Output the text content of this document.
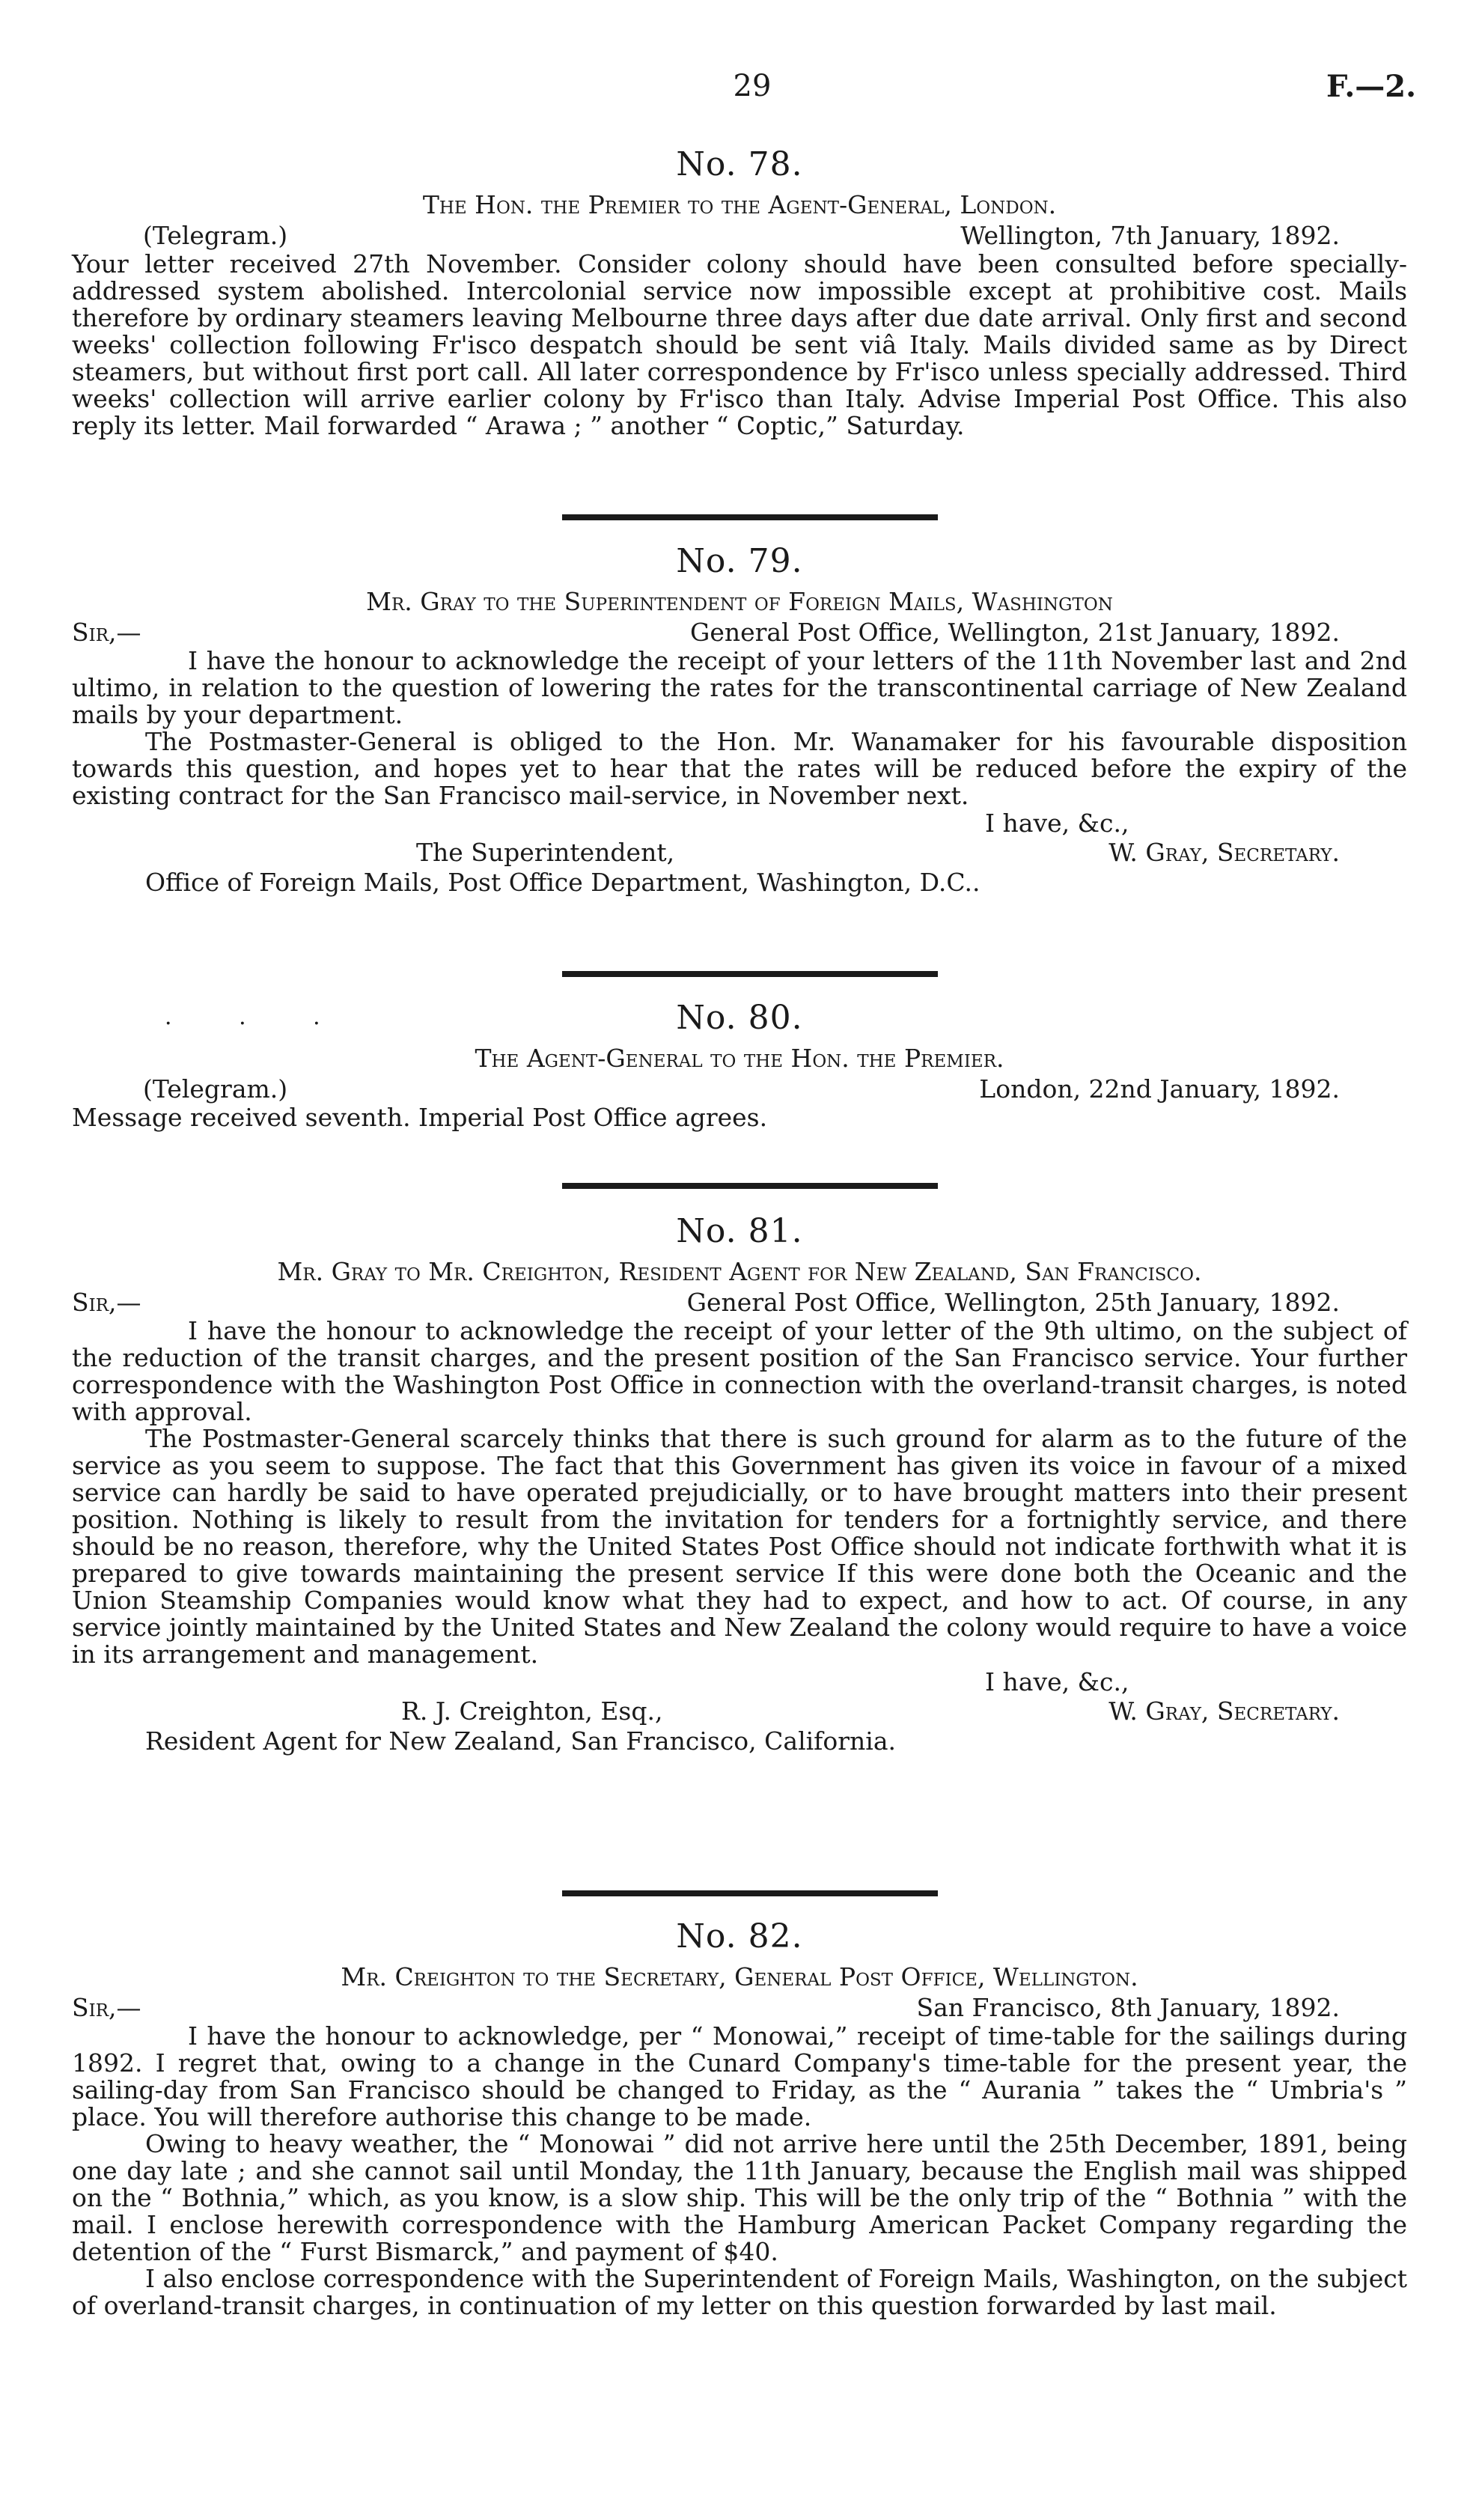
29	F.—2.
No. 78.
The Hon. the Premier to the Agent-General, London.
(Telegram.)	Wellington, 7th January, 1892.

Your letter received 27th November. Consider colony should have been consulted before specially-addressed system abolished. Intercolonial service now impossible except at prohibitive cost. Mails therefore by ordinary steamers leaving Melbourne three days after due date arrival. Only first and second weeks' collection following Fr'isco despatch should be sent viâ Italy. Mails divided same as by Direct steamers, but without first port call. All later correspondence by Fr'isco unless specially addressed. Third weeks' collection will arrive earlier colony by Fr'isco than Italy. Advise Imperial Post Office. This also reply its letter. Mail forwarded “ Arawa ; ” another “ Coptic,” Saturday.

No. 79.
Mr. Gray to the Superintendent of Foreign Mails, Washington
Sir,—	General Post Office, Wellington, 21st January, 1892.

I have the honour to acknowledge the receipt of your letters of the 11th November last and 2nd ultimo, in relation to the question of lowering the rates for the transcontinental carriage of New Zealand mails by your department.

The Postmaster-General is obliged to the Hon. Mr. Wanamaker for his favourable disposition towards this question, and hopes yet to hear that the rates will be reduced before the expiry of the existing contract for the San Francisco mail-service, in November next.

I have, &c.,
The Superintendent,	W. Gray, Secretary.
Office of Foreign Mails, Post Office Department, Washington, D.C..
· · ·	No. 80.
The Agent-General to the Hon. the Premier.
(Telegram.)	London, 22nd January, 1892.

Message received seventh. Imperial Post Office agrees.

No. 81.
Mr. Gray to Mr. Creighton, Resident Agent for New Zealand, San Francisco.
Sir,—	General Post Office, Wellington, 25th January, 1892.

I have the honour to acknowledge the receipt of your letter of the 9th ultimo, on the subject of the reduction of the transit charges, and the present position of the San Francisco service. Your further correspondence with the Washington Post Office in connection with the overland-transit charges, is noted with approval.

The Postmaster-General scarcely thinks that there is such ground for alarm as to the future of the service as you seem to suppose. The fact that this Government has given its voice in favour of a mixed service can hardly be said to have operated prejudicially, or to have brought matters into their present position. Nothing is likely to result from the invitation for tenders for a fortnightly service, and there should be no reason, therefore, why the United States Post Office should not indicate forthwith what it is prepared to give towards maintaining the present service If this were done both the Oceanic and the Union Steamship Companies would know what they had to expect, and how to act. Of course, in any service jointly maintained by the United States and New Zealand the colony would require to have a voice in its arrangement and management.

I have, &c.,
R. J. Creighton, Esq.,	W. Gray, Secretary.
Resident Agent for New Zealand, San Francisco, California.
No. 82.
Mr. Creighton to the Secretary, General Post Office, Wellington.
Sir,—	San Francisco, 8th January, 1892.

I have the honour to acknowledge, per “ Monowai,” receipt of time-table for the sailings during 1892. I regret that, owing to a change in the Cunard Company's time-table for the present year, the sailing-day from San Francisco should be changed to Friday, as the “ Aurania ” takes the “ Umbria's ” place. You will therefore authorise this change to be made.

Owing to heavy weather, the “ Monowai ” did not arrive here until the 25th December, 1891, being one day late ; and she cannot sail until Monday, the 11th January, because the English mail was shipped on the “ Bothnia,” which, as you know, is a slow ship. This will be the only trip of the “ Bothnia ” with the mail. I enclose herewith correspondence with the Hamburg American Packet Company regarding the detention of the “ Furst Bismarck,” and payment of $40.

I also enclose correspondence with the Superintendent of Foreign Mails, Washington, on the subject of overland-transit charges, in continuation of my letter on this question forwarded by last mail.
